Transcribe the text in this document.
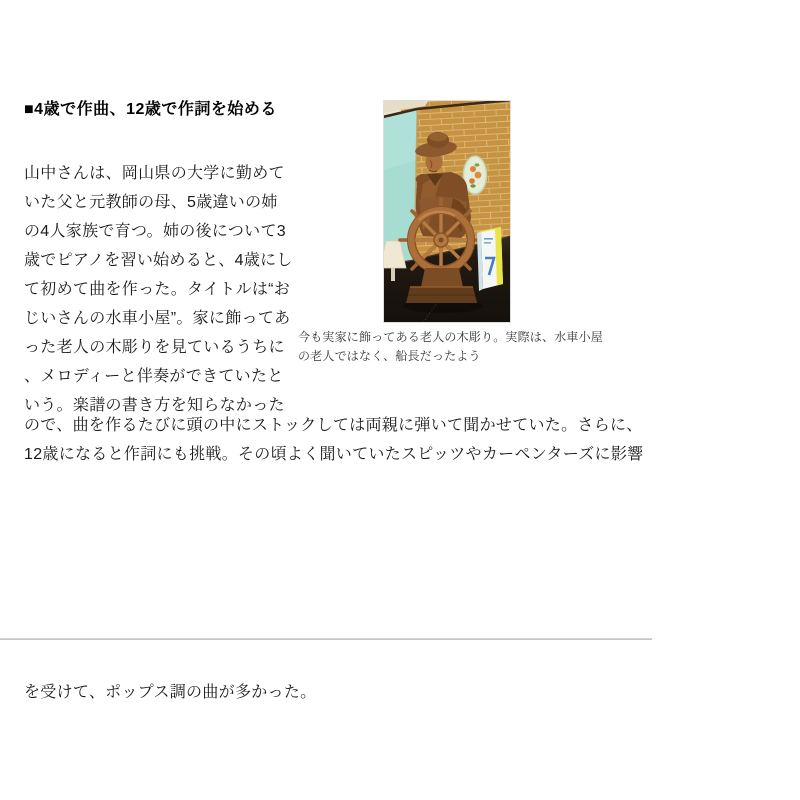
■4歳で作曲、12歳で作詞を始める
今も実家に飾ってある老人の木彫り。実際は、水車小屋
の老人ではなく、船長だったよう
山中さんは、岡山県の大学に勤めて
いた父と元教師の母、5歳違いの姉
の4人家族で育つ。姉の後について3
歳でピアノを習い始めると、4歳にし
て初めて曲を作った。タイトルは“お
じいさんの水車小屋”。家に飾ってあ
った老人の木彫りを見ているうちに
、メロディーと伴奏ができていたと
いう。楽譜の書き方を知らなかった
ので、曲を作るたびに頭の中にストックしては両親に弾いて聞かせていた。さらに、
12歳になると作詞にも挑戦。その頃よく聞いていたスピッツやカーペンターズに影響

を受けて、ポップス調の曲が多かった。
